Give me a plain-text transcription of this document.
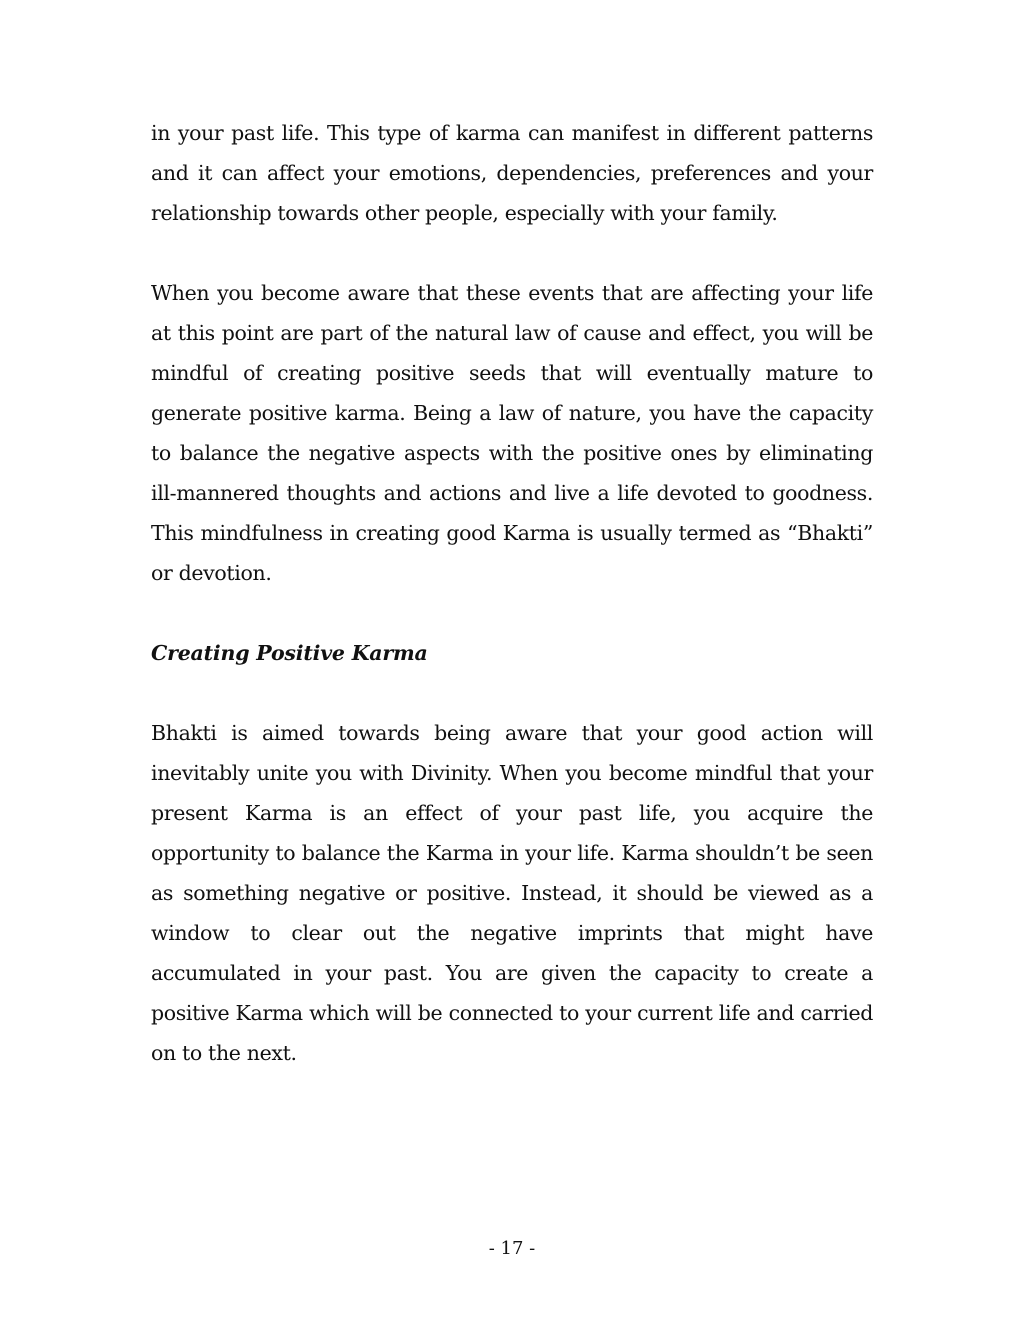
in your past life. This type of karma can manifest in different patterns and it can affect your emotions, dependencies, preferences and your relationship towards other people, especially with your family.

When you become aware that these events that are affecting your life at this point are part of the natural law of cause and effect, you will be mindful of creating positive seeds that will eventually mature to generate positive karma. Being a law of nature, you have the capacity to balance the negative aspects with the positive ones by eliminating ill-mannered thoughts and actions and live a life devoted to goodness. This mindfulness in creating good Karma is usually termed as “Bhakti” or devotion.

Creating Positive Karma

Bhakti is aimed towards being aware that your good action will inevitably unite you with Divinity. When you become mindful that your present Karma is an effect of your past life, you acquire the opportunity to balance the Karma in your life. Karma shouldn’t be seen as something negative or positive. Instead, it should be viewed as a window to clear out the negative imprints that might have accumulated in your past. You are given the capacity to create a positive Karma which will be connected to your current life and carried on to the next.

- 17 -
